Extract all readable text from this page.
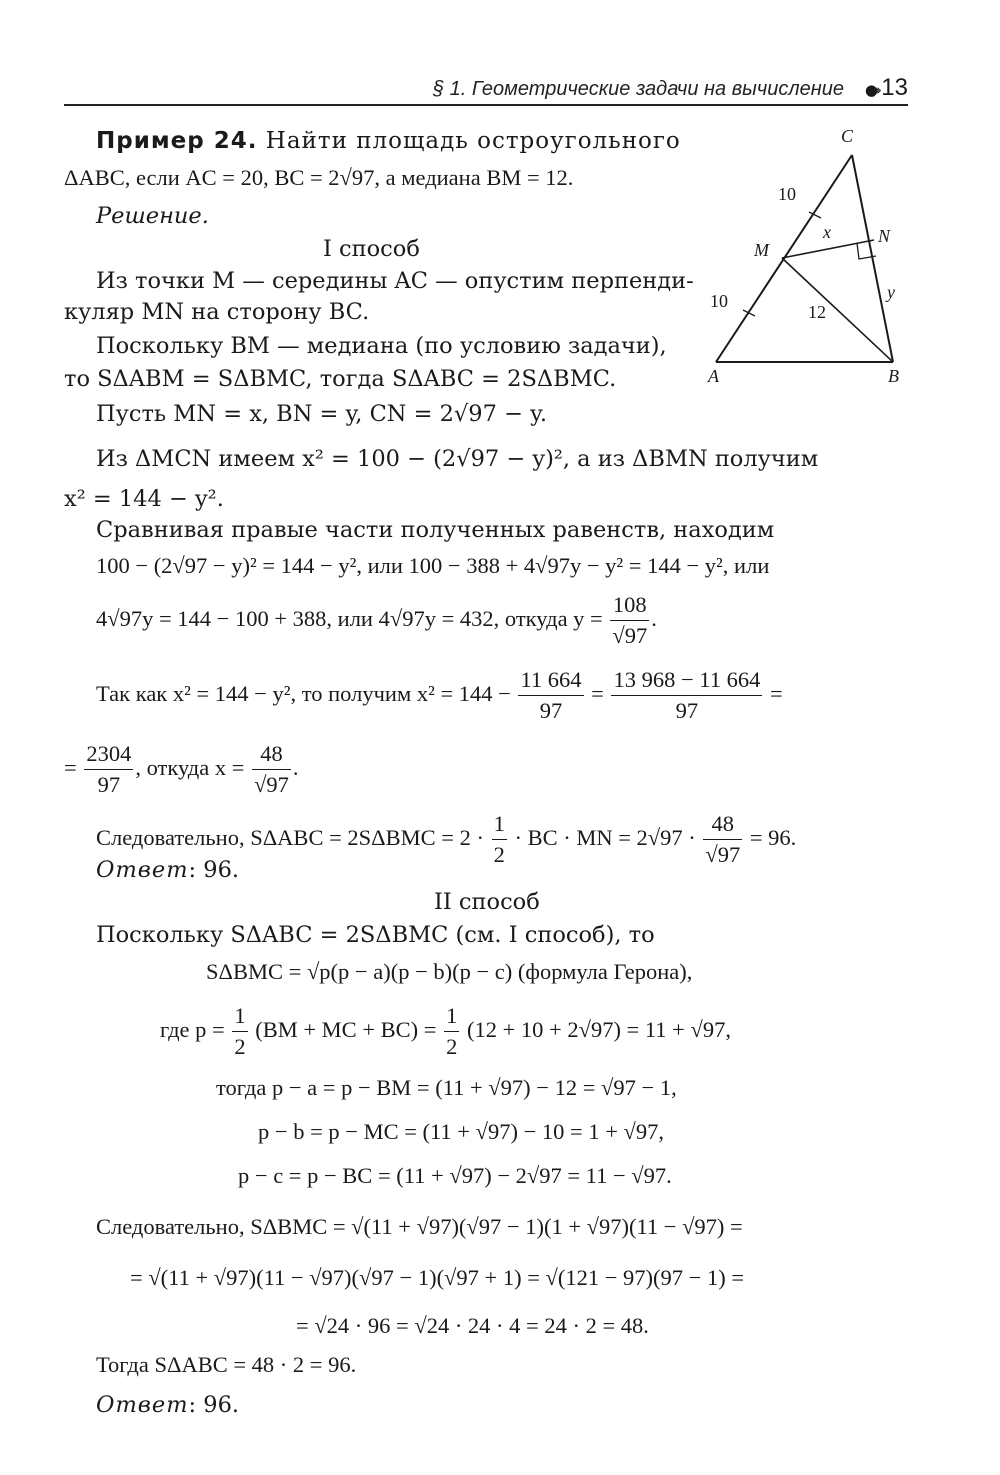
§ 1. Геометрические задачи на вычисление ●›› 13
Пример 24. Найти площадь остроугольного
ΔABC, если AC = 20, BC = 2√97, а медиана BM = 12.
Решение.
I способ
Из точки M — середины AC — опустим перпенди-
куляр MN на сторону BC.
Поскольку BM — медиана (по условию задачи),
то SΔABM = SΔBMC, тогда SΔABC = 2SΔBMC.
Пусть MN = x, BN = y, CN = 2√97 − y.
Из ΔMCN имеем x² = 100 − (2√97 − y)², а из ΔBMN получим
x² = 144 − y².
Сравнивая правые части полученных равенств, находим
100 − (2√97 − y)² = 144 − y², или 100 − 388 + 4√97y − y² = 144 − y², или
4√97y = 144 − 100 + 388, или 4√97y = 432, откуда $y = \frac{108}{√97}$ .
Так как x² = 144 − y², то получим $x^2 = 144 - \frac{11 664}{97} = \frac{13 968 - 11 664}{97}$ =
= $\frac{2304}{97}$ , откуда $x = \frac{48}{√97}$ .
Следовательно, $S\Delta ABC = 2S\Delta BMC = 2 \cdot \frac{1}{2}$ · BC · MN = $2√97 \cdot \frac{48}{√97} = 96$.
Ответ: 96.
II способ
Поскольку SΔABC = 2SΔBMC (см. I способ), то
SΔBMC = √p(p − a)(p − b)(p − c) (формула Герона),
где $p = \frac{1}{2} (BM$ + MC + $BC) = \frac{1}{2} (12 + 10 + 2√97) = 11 + √97$,
тогда p − a = p − BM = (11 + √97) − 12 = √97 − 1,
p − b = p − MC = (11 + √97) − 10 = 1 + √97,
p − c = p − BC = (11 + √97) − 2√97 = 11 − √97.
Следовательно, SΔBMC = √(11 + √97)(√97 − 1)(1 + √97)(11 − √97) =
= √(11 + √97)(11 − √97)(√97 − 1)(√97 + 1) = √(121 − 97)(97 − 1) =
= √24 · 96 = √24 · 24 · 4 = 24 · 2 = 48.
Тогда SΔABC = 48 · 2 = 96.
Ответ: 96.
C
A	B
M
N
10
10
12
x
y
